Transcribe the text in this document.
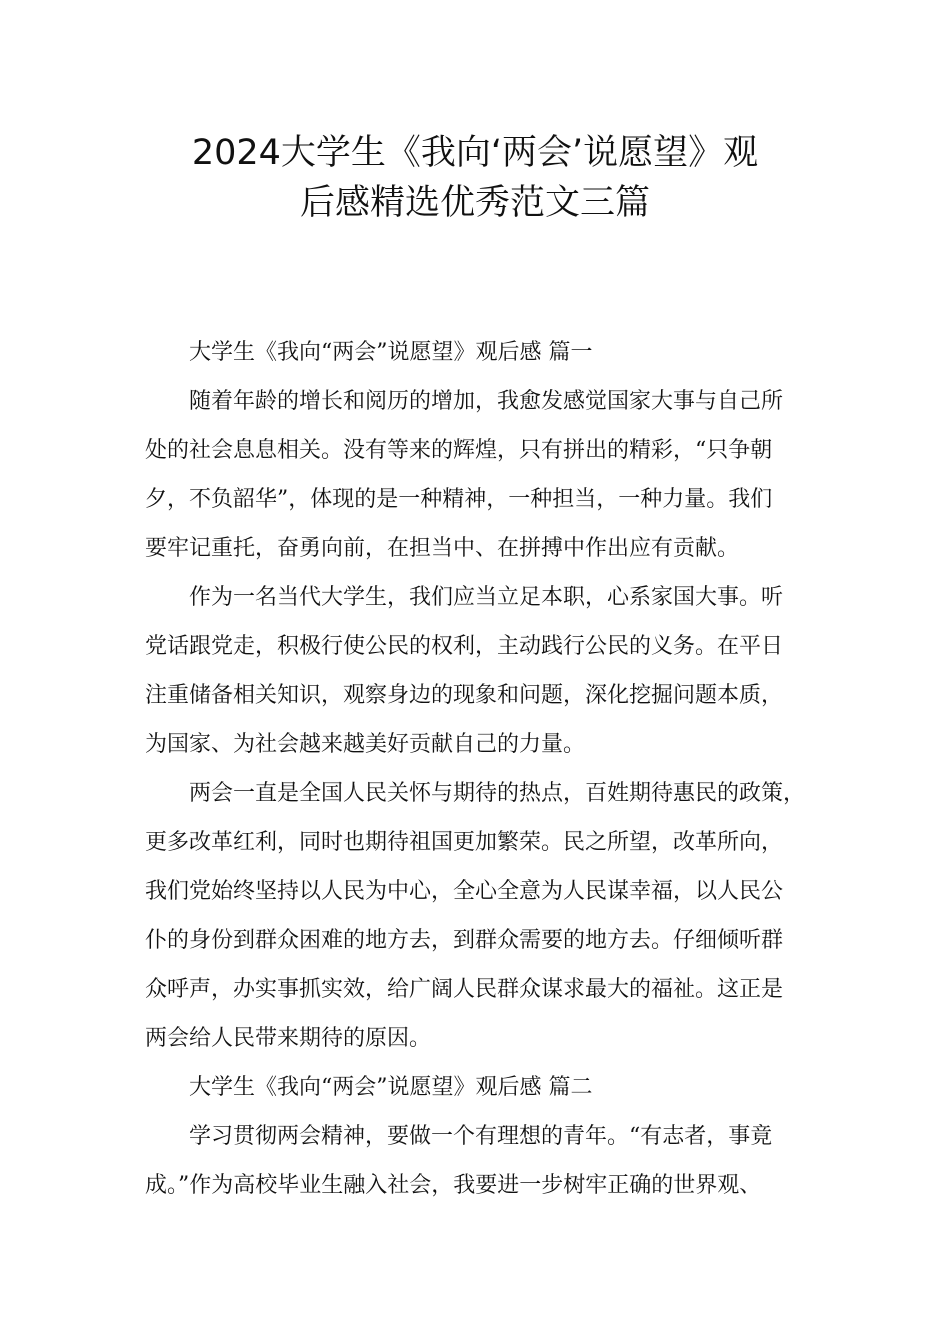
2024大学生《我向‘两会’说愿望》观
后感精选优秀范文三篇
大学生《我向“两会”说愿望》观后感 篇一
随着年龄的增长和阅历的增加，我愈发感觉国家大事与自己所
处的社会息息相关。没有等来的辉煌，只有拼出的精彩，“只争朝
夕，不负韶华”，体现的是一种精神，一种担当，一种力量。我们
要牢记重托，奋勇向前，在担当中、在拼搏中作出应有贡献。
作为一名当代大学生，我们应当立足本职，心系家国大事。听
党话跟党走，积极行使公民的权利，主动践行公民的义务。在平日
注重储备相关知识，观察身边的现象和问题，深化挖掘问题本质，
为国家、为社会越来越美好贡献自己的力量。
两会一直是全国人民关怀与期待的热点，百姓期待惠民的政策，
更多改革红利，同时也期待祖国更加繁荣。民之所望，改革所向，
我们党始终坚持以人民为中心，全心全意为人民谋幸福，以人民公
仆的身份到群众困难的地方去，到群众需要的地方去。仔细倾听群
众呼声，办实事抓实效，给广阔人民群众谋求最大的福祉。这正是
两会给人民带来期待的原因。
大学生《我向“两会”说愿望》观后感 篇二
学习贯彻两会精神，要做一个有理想的青年。“有志者，事竟
成。”作为高校毕业生融入社会，我要进一步树牢正确的世界观、
